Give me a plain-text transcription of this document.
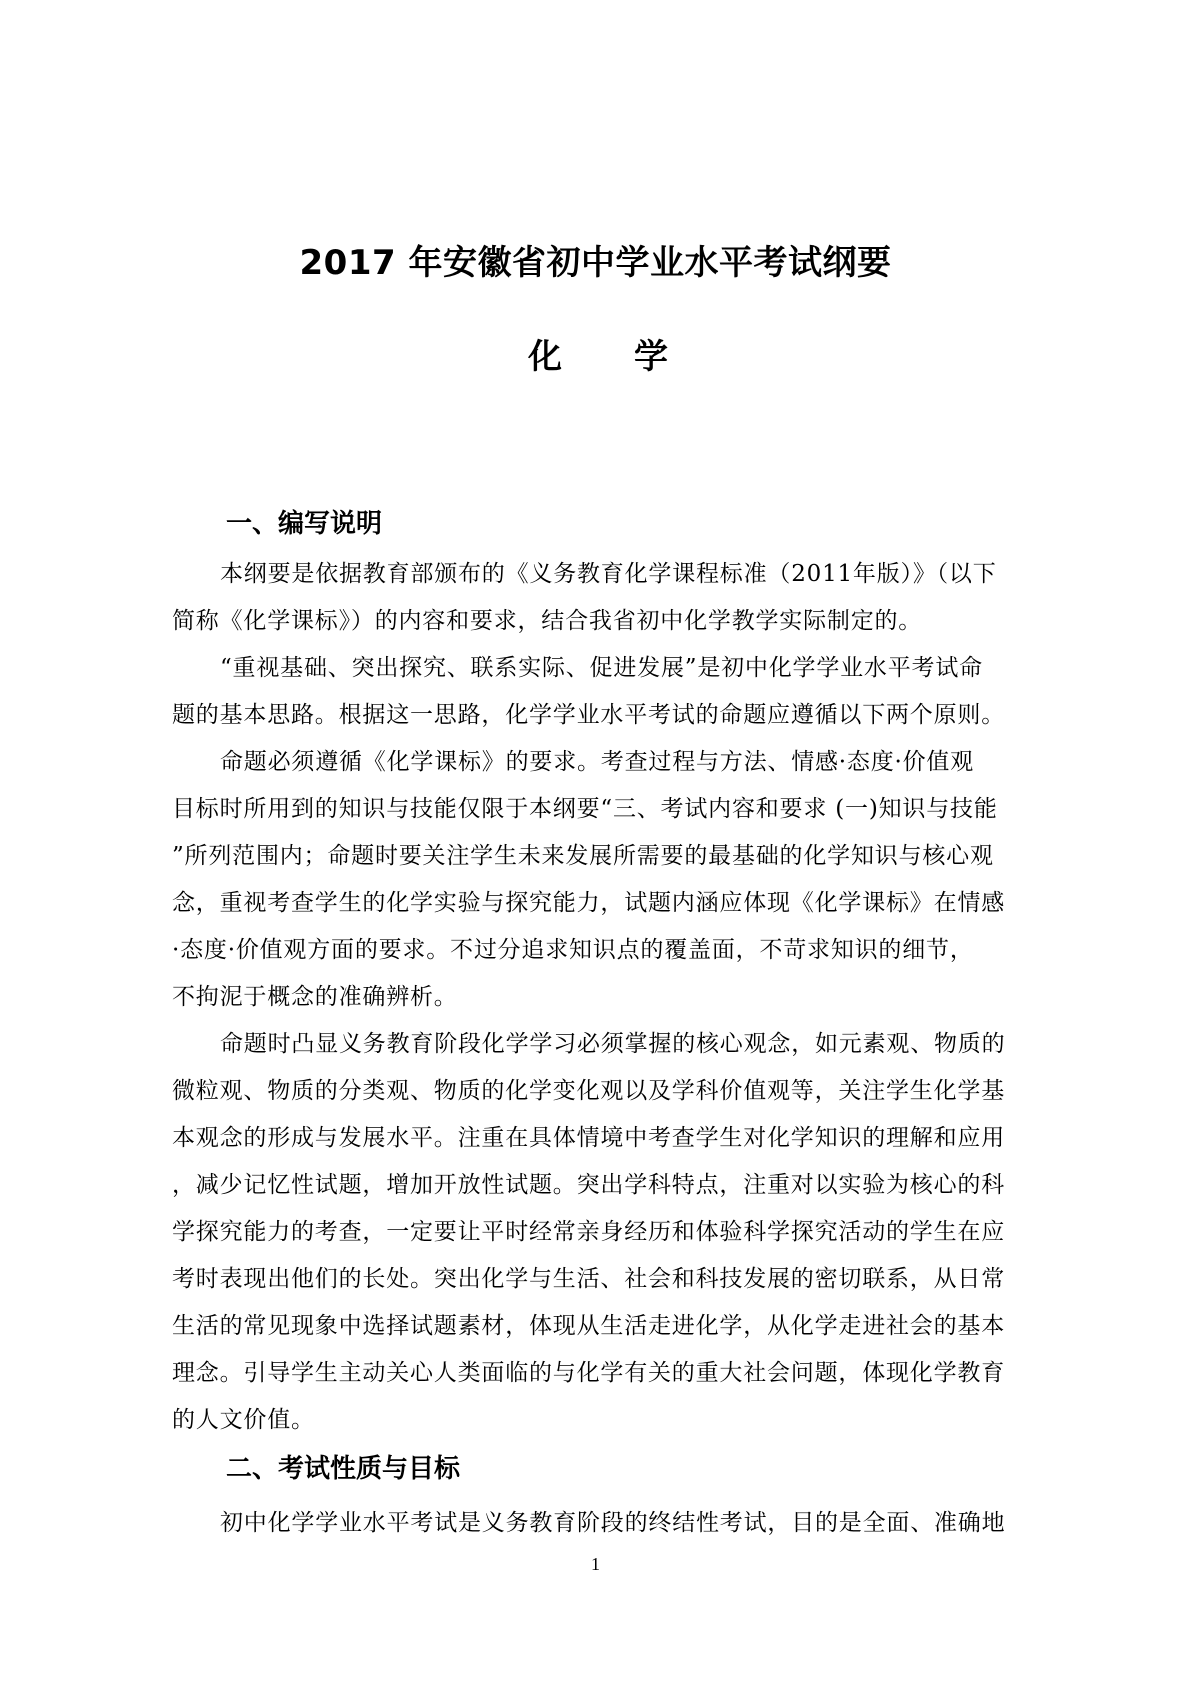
2017 年安徽省初中学业水平考试纲要
化 学
一、编写说明
本纲要是依据教育部颁布的《义务教育化学课程标准（2011年版）》（以下
简称《化学课标》）的内容和要求，结合我省初中化学教学实际制定的。
“重视基础、突出探究、联系实际、促进发展”是初中化学学业水平考试命
题的基本思路。根据这一思路，化学学业水平考试的命题应遵循以下两个原则。
命题必须遵循《化学课标》的要求。考查过程与方法、情感·态度·价值观
目标时所用到的知识与技能仅限于本纲要“三、考试内容和要求 (一)知识与技能
”所列范围内；命题时要关注学生未来发展所需要的最基础的化学知识与核心观
念，重视考查学生的化学实验与探究能力，试题内涵应体现《化学课标》在情感
·态度·价值观方面的要求。不过分追求知识点的覆盖面，不苛求知识的细节，
不拘泥于概念的准确辨析。
命题时凸显义务教育阶段化学学习必须掌握的核心观念，如元素观、物质的
微粒观、物质的分类观、物质的化学变化观以及学科价值观等，关注学生化学基
本观念的形成与发展水平。注重在具体情境中考查学生对化学知识的理解和应用
，减少记忆性试题，增加开放性试题。突出学科特点，注重对以实验为核心的科
学探究能力的考查，一定要让平时经常亲身经历和体验科学探究活动的学生在应
考时表现出他们的长处。突出化学与生活、社会和科技发展的密切联系，从日常
生活的常见现象中选择试题素材，体现从生活走进化学，从化学走进社会的基本
理念。引导学生主动关心人类面临的与化学有关的重大社会问题，体现化学教育
的人文价值。
二、考试性质与目标
初中化学学业水平考试是义务教育阶段的终结性考试，目的是全面、准确地
1
